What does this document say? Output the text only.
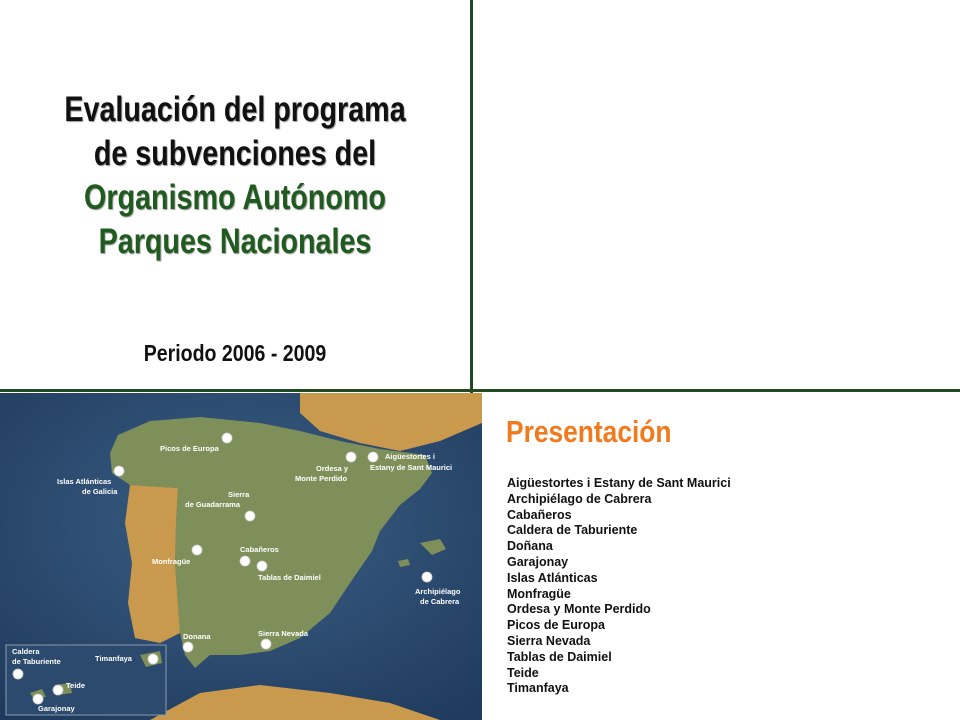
Evaluación del programa
de subvenciones del
Organismo Autónomo
Parques Nacionales
Periodo 2006 - 2009
Picos de Europa
Ordesa y
Monte Perdido
Aigüestortes i
Estany de Sant Maurici
Islas Atlánticas
de Galicia	Sierra
de Guadarrama
Cabañeros
Monfragüe
Tablas de Daimiel
Archipiélago
de Cabrera
Donana	Sierra Nevada
Caldera
de Taburiente	Timanfaya
Teide
Garajonay
Presentación
Aigüestortes i Estany de Sant Maurici
Archipiélago de Cabrera
Cabañeros
Caldera de Taburiente
Doñana
Garajonay
Islas Atlánticas
Monfragüe
Ordesa y Monte Perdido
Picos de Europa
Sierra Nevada
Tablas de Daimiel
Teide
Timanfaya
